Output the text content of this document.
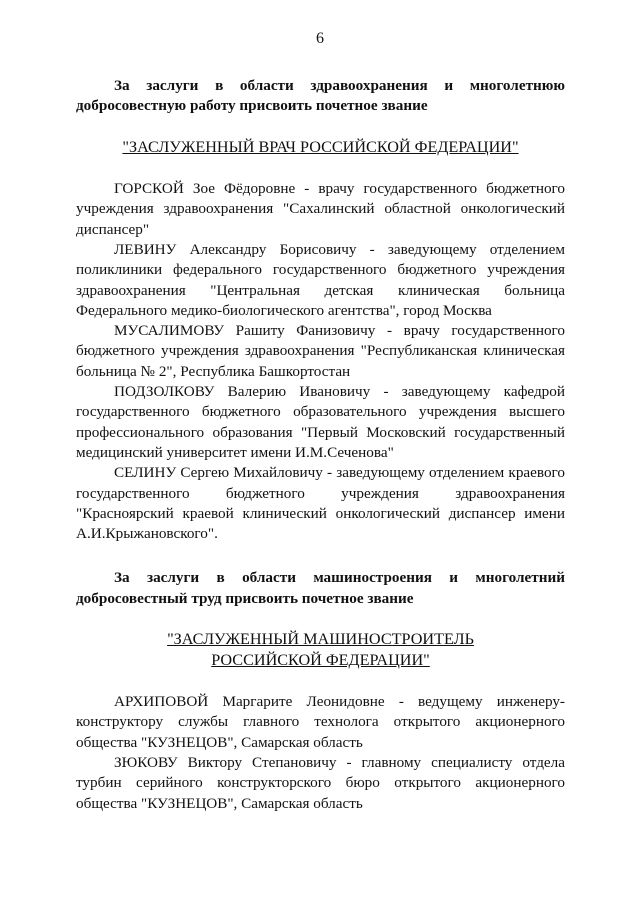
6

За заслуги в области здравоохранения и многолетнюю добросовестную работу присвоить почетное звание

"ЗАСЛУЖЕННЫЙ ВРАЧ РОССИЙСКОЙ ФЕДЕРАЦИИ"

ГОРСКОЙ Зое Фёдоровне - врачу государственного бюджетного учреждения здравоохранения "Сахалинский областной онкологический диспансер"

ЛЕВИНУ Александру Борисовичу - заведующему отделением поликлиники федерального государственного бюджетного учреждения здравоохранения "Центральная детская клиническая больница Федерального медико-биологического агентства", город Москва

МУСАЛИМОВУ Рашиту Фанизовичу - врачу государственного бюджетного учреждения здравоохранения "Республиканская клиническая больница № 2", Республика Башкортостан

ПОДЗОЛКОВУ Валерию Ивановичу - заведующему кафедрой государственного бюджетного образовательного учреждения высшего профессионального образования "Первый Московский государственный медицинский университет имени И.М.Сеченова"

СЕЛИНУ Сергею Михайловичу - заведующему отделением краевого государственного бюджетного учреждения здравоохранения "Красноярский краевой клинический онкологический диспансер имени А.И.Крыжановского".

За заслуги в области машиностроения и многолетний добросовестный труд присвоить почетное звание

"ЗАСЛУЖЕННЫЙ МАШИНОСТРОИТЕЛЬ
РОССИЙСКОЙ ФЕДЕРАЦИИ"

АРХИПОВОЙ Маргарите Леонидовне - ведущему инженеру-конструктору службы главного технолога открытого акционерного общества "КУЗНЕЦОВ", Самарская область

ЗЮКОВУ Виктору Степановичу - главному специалисту отдела турбин серийного конструкторского бюро открытого акционерного общества "КУЗНЕЦОВ", Самарская область
